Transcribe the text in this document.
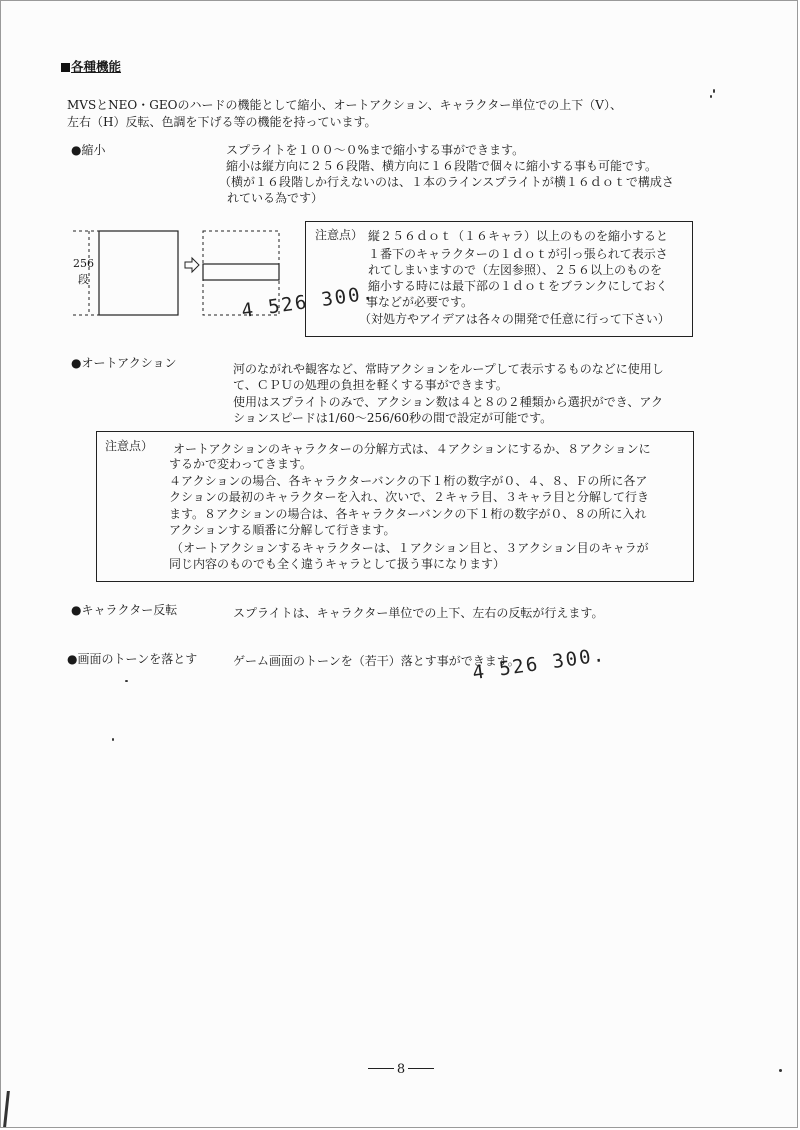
各種機能
MVSとNEO・GEOのハードの機能として縮小、オートアクション、キャラクター単位での上下（V）、
左右（H）反転、色調を下げる等の機能を持っています。
●縮小	スプライトを１００～０%まで縮小する事ができます。
縮小は縦方向に２５６段階、横方向に１６段階で個々に縮小する事も可能です。
（横が１６段階しか行えないのは、１本のラインスプライトが横１６ｄｏｔで構成さ
れている為です）
256
段
注意点） 縦２５６ｄｏｔ（１６キャラ）以上のものを縮小すると
１番下のキャラクターの１ｄｏｔが引っ張られて表示さ
れてしまいますので（左図参照）、２５６以上のものを
縮小する時には最下部の１ｄｏｔをブランクにしておく
事などが必要です。
（対処方やアイデアは各々の開発で任意に行って下さい）
4 526 300.
●オートアクション	河のながれや観客など、常時アクションをループして表示するものなどに使用し
て、ＣＰＵの処理の負担を軽くする事ができます。
使用はスプライトのみで、アクション数は４と８の２種類から選択ができ、アク
ションスピードは1/60～256/60秒の間で設定が可能です。
注意点） オートアクションのキャラクターの分解方式は、４アクションにするか、８アクションに
するかで変わってきます。
４アクションの場合、各キャラクターバンクの下１桁の数字が０、４、８、Ｆの所に各ア
クションの最初のキャラクターを入れ、次いで、２キャラ目、３キャラ目と分解して行き
ます。８アクションの場合は、各キャラクターバンクの下１桁の数字が０、８の所に入れ
アクションする順番に分解して行きます。
（オートアクションするキャラクターは、１アクション目と、３アクション目のキャラが
同じ内容のものでも全く違うキャラとして扱う事になります）
●キャラクター反転	スプライトは、キャラクター単位での上下、左右の反転が行えます。
●画面のトーンを落とす	ゲーム画面のトーンを（若干）落とす事ができます。
4 526 300.
8
